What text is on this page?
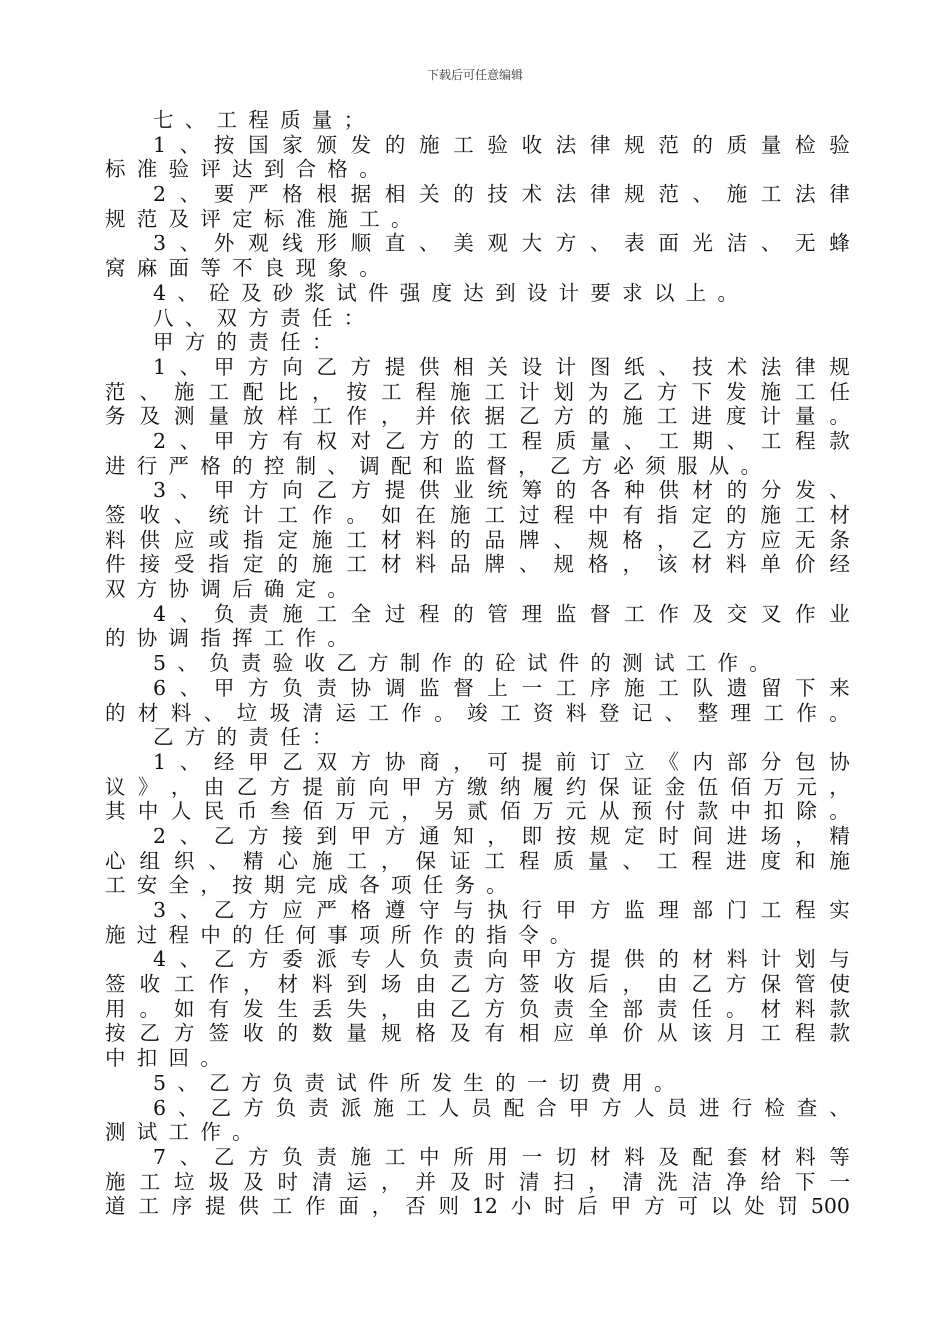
下载后可任意编辑
七、工程质量；
1 、 按 国 家 颁 发 的 施 工 验 收 法 律 规 范 的 质 量 检 验
标准验评达到合格。
2 、 要 严 格 根 据 相 关 的 技 术 法 律 规 范 、 施 工 法 律
规范及评定标准施工。
3 、 外 观 线 形 顺 直 、 美 观 大 方 、 表 面 光 洁 、 无 蜂
窝麻面等不良现象。
4、砼及砂浆试件强度达到设计要求以上。
八、双方责任：
甲方的责任：
1 、 甲 方 向 乙 方 提 供 相 关 设 计 图 纸 、 技 术 法 律 规
范 、 施 工 配 比 ， 按 工 程 施 工 计 划 为 乙 方 下 发 施 工 任
务 及 测 量 放 样 工 作 ， 并 依 据 乙 方 的 施 工 进 度 计 量 。
2 、 甲 方 有 权 对 乙 方 的 工 程 质 量 、 工 期 、 工 程 款
进行严格的控制、调配和监督，乙方必须服从。
3 、 甲 方 向 乙 方 提 供 业 统 筹 的 各 种 供 材 的 分 发 、
签 收 、 统 计 工 作 。 如 在 施 工 过 程 中 有 指 定 的 施 工 材
料 供 应 或 指 定 施 工 材 料 的 品 牌 、 规 格 ， 乙 方 应 无 条
件 接 受 指 定 的 施 工 材 料 品 牌 、 规 格 ， 该 材 料 单 价 经
双方协调后确定。
4 、 负 责 施 工 全 过 程 的 管 理 监 督 工 作 及 交 叉 作 业
的协调指挥工作。
5、负责验收乙方制作的砼试件的测试工作。
6 、 甲 方 负 责 协 调 监 督 上 一 工 序 施 工 队 遗 留 下 来
的 材 料 、 垃 圾 清 运 工 作 。 竣 工 资 料 登 记 、 整 理 工 作 。
乙方的责任：
1 、 经 甲 乙 双 方 协 商 ， 可 提 前 订 立 《 内 部 分 包 协
议 》 ， 由 乙 方 提 前 向 甲 方 缴 纳 履 约 保 证 金 伍 佰 万 元 ，
其 中 人 民 币 叁 佰 万 元 ， 另 贰 佰 万 元 从 预 付 款 中 扣 除 。
2 、 乙 方 接 到 甲 方 通 知 ， 即 按 规 定 时 间 进 场 ， 精
心 组 织 、 精 心 施 工 ， 保 证 工 程 质 量 、 工 程 进 度 和 施
工安全，按期完成各项任务。
3 、 乙 方 应 严 格 遵 守 与 执 行 甲 方 监 理 部 门 工 程 实
施过程中的任何事项所作的指令。
4 、 乙 方 委 派 专 人 负 责 向 甲 方 提 供 的 材 料 计 划 与
签 收 工 作 ， 材 料 到 场 由 乙 方 签 收 后 ， 由 乙 方 保 管 使
用 。 如 有 发 生 丢 失 ， 由 乙 方 负 责 全 部 责 任 。 材 料 款
按 乙 方 签 收 的 数 量 规 格 及 有 相 应 单 价 从 该 月 工 程 款
中扣回。
5、乙方负责试件所发生的一切费用。
6 、 乙 方 负 责 派 施 工 人 员 配 合 甲 方 人 员 进 行 检 查 、
测试工作。
7 、 乙 方 负 责 施 工 中 所 用 一 切 材 料 及 配 套 材 料 等
施 工 垃 圾 及 时 清 运 ， 并 及 时 清 扫 ， 清 洗 洁 净 给 下 一
道 工 序 提 供 工 作 面 ， 否 则 12 小 时 后 甲 方 可 以 处 罚 500
